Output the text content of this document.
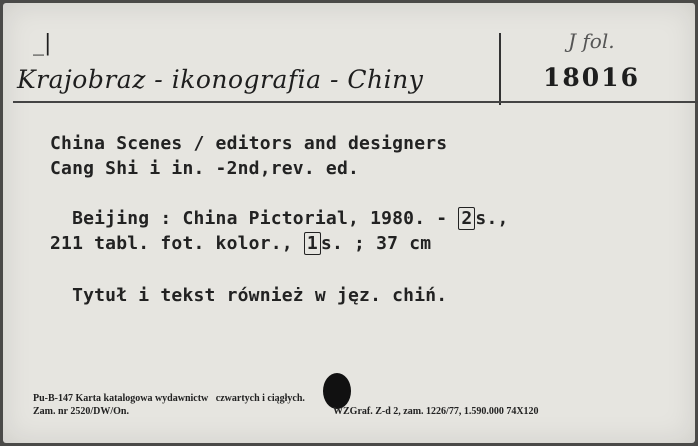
_|
Krajobraz - ikonografia - Chiny
J fol.
18016
China Scenes / editors and designers
Cang Shi i in. -2nd,rev. ed.
Beijing : China Pictorial, 1980. - 2 s.,
211 tabl. fot. kolor., 1 s. ; 37 cm
Tytuł i tekst również w jęz. chiń.
Pu-B-147 Karta katalogowa wydawnictw czwartych i ciągłych.
Zam. nr 2520/DW/On.	WZGraf. Z-d 2, zam. 1226/77, 1.590.000 74X120
